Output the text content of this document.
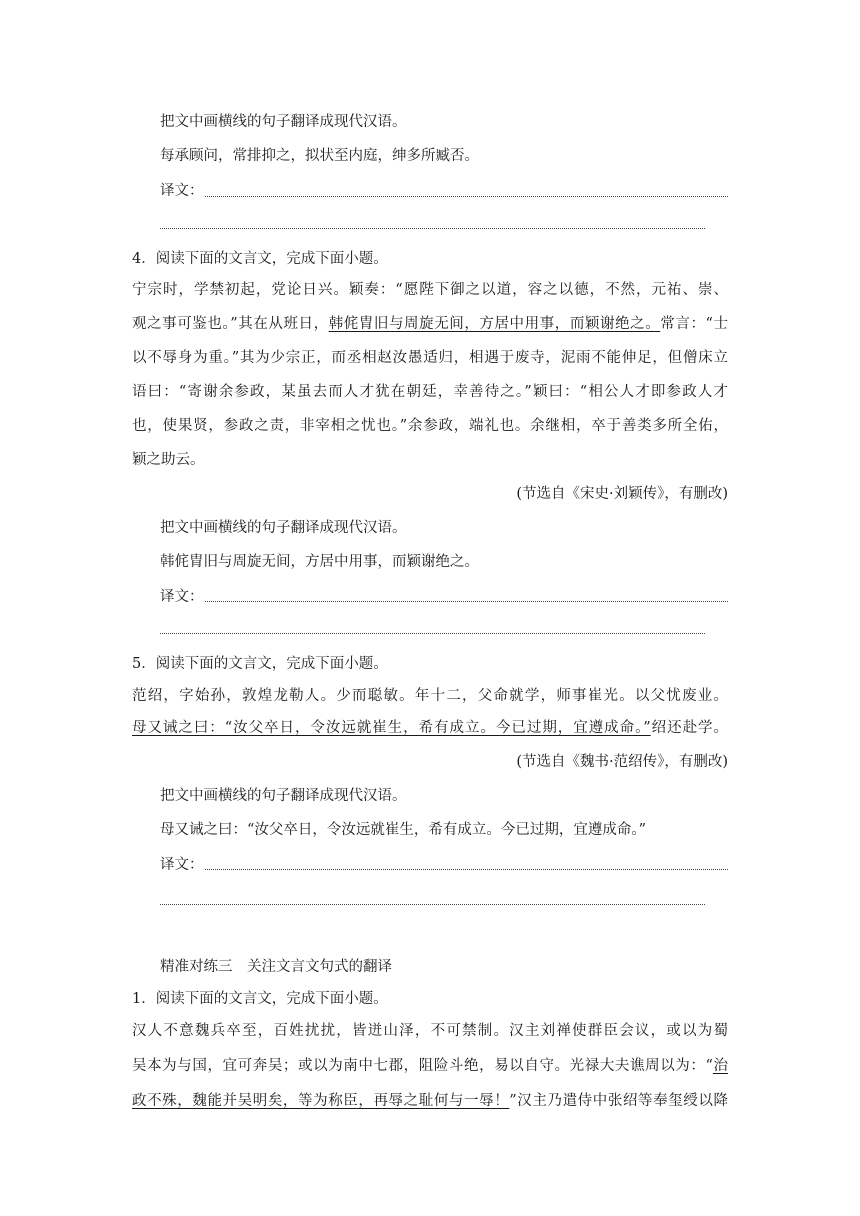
把文中画横线的句子翻译成现代汉语。
每承顾问，常排抑之，拟状至内庭，绅多所臧否。
译文：
4．阅读下面的文言文，完成下面小题。
宁宗时，学禁初起，党论日兴。颖奏：“愿陛下御之以道，容之以德，不然，元祐、崇、
观之事可鉴也。”其在从班日，韩侂胄旧与周旋无间，方居中用事，而颖谢绝之。常言：“士
以不辱身为重。”其为少宗正，而丞相赵汝愚适归，相遇于废寺，泥雨不能伸足，但僧床立
语曰：“寄谢余参政，某虽去而人才犹在朝廷，幸善待之。”颖曰：“相公人才即参政人才
也，使果贤，参政之责，非宰相之忧也。”余参政，端礼也。余继相，卒于善类多所全佑，
颖之助云。
(节选自《宋史·刘颖传》，有删改)
把文中画横线的句子翻译成现代汉语。
韩侂胄旧与周旋无间，方居中用事，而颖谢绝之。
译文：
5．阅读下面的文言文，完成下面小题。
范绍，字始孙，敦煌龙勒人。少而聪敏。年十二，父命就学，师事崔光。以父忧废业。
母又诫之曰：“汝父卒日，令汝远就崔生，希有成立。今已过期，宜遵成命。”绍还赴学。
(节选自《魏书·范绍传》，有删改)
把文中画横线的句子翻译成现代汉语。
母又诫之曰：“汝父卒日，令汝远就崔生，希有成立。今已过期，宜遵成命。”
译文：
精准对练三　关注文言文句式的翻译
1．阅读下面的文言文，完成下面小题。
汉人不意魏兵卒至，百姓扰扰，皆迸山泽，不可禁制。汉主刘禅使群臣会议，或以为蜀
吴本为与国，宜可奔吴；或以为南中七郡，阻险斗绝，易以自守。光禄大夫谯周以为：“治
政不殊，魏能并吴明矣，等为称臣，再辱之耻何与一辱！”汉主乃遣侍中张绍等奉玺绶以降
